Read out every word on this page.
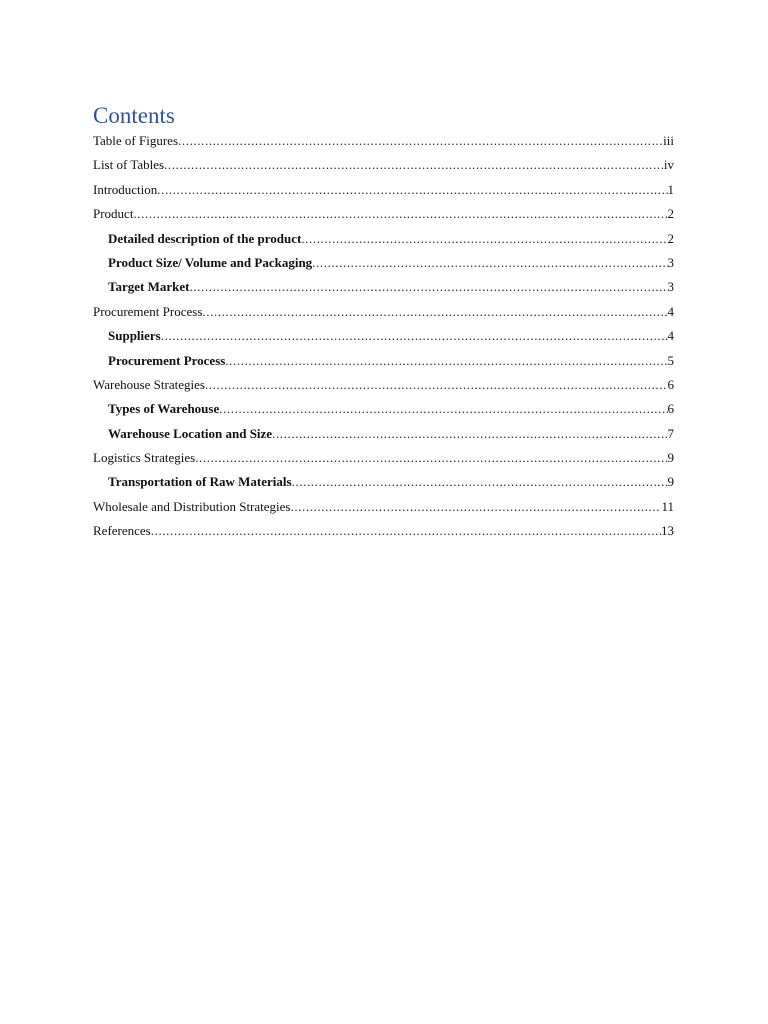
Contents
Table of Figures .....	iii
List of Tables .....	iv
Introduction .....	1
Product .....	2
Detailed description of the product .....	2
Product Size/ Volume and Packaging .....	3
Target Market .....	3
Procurement Process .....	4
Suppliers .....	4
Procurement Process .....	5
Warehouse Strategies .....	6
Types of Warehouse .....	6
Warehouse Location and Size .....	7
Logistics Strategies .....	9
Transportation of Raw Materials .....	9
Wholesale and Distribution Strategies .....	11
References .....	13
